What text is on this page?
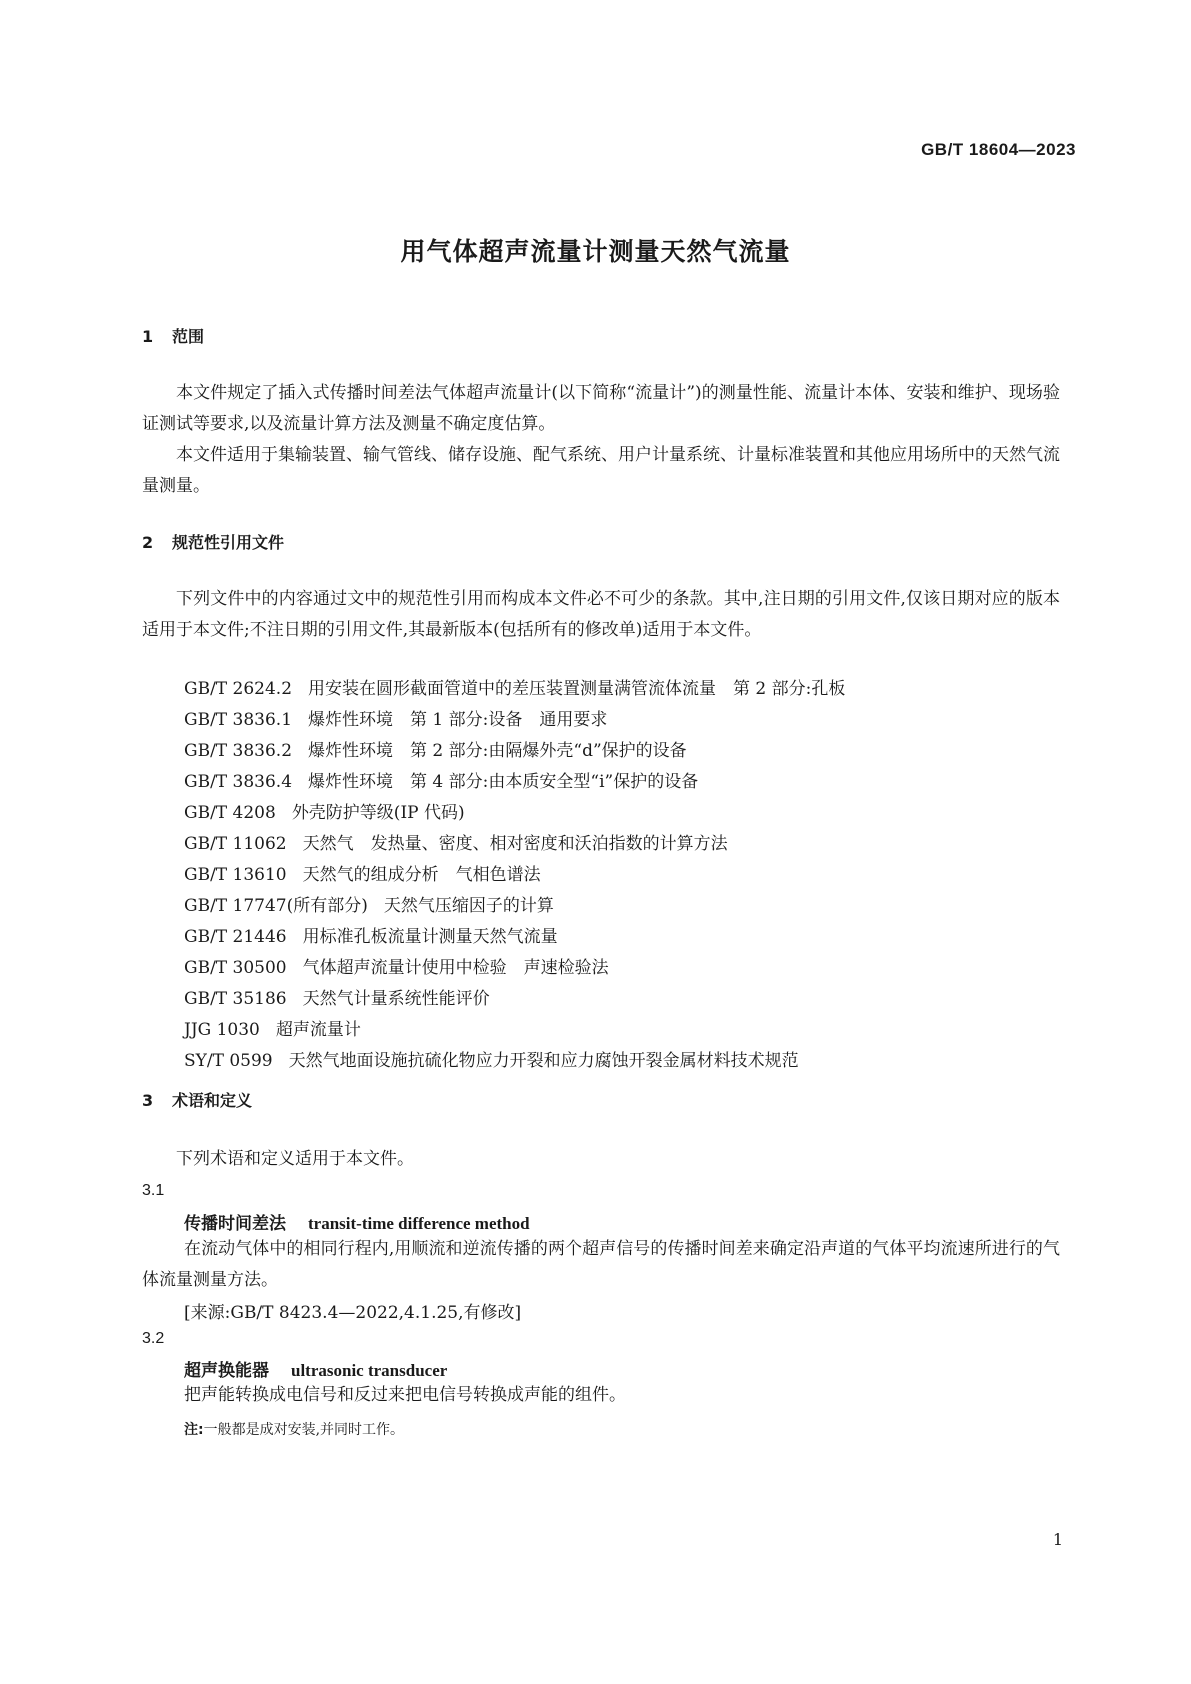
GB/T 18604—2023
用气体超声流量计测量天然气流量
1 范围

本文件规定了插入式传播时间差法气体超声流量计(以下简称“流量计”)的测量性能、流量计本体、安装和维护、现场验证测试等要求,以及流量计算方法及测量不确定度估算。

本文件适用于集输装置、输气管线、储存设施、配气系统、用户计量系统、计量标准装置和其他应用场所中的天然气流量测量。

2 规范性引用文件

下列文件中的内容通过文中的规范性引用而构成本文件必不可少的条款。其中,注日期的引用文件,仅该日期对应的版本适用于本文件;不注日期的引用文件,其最新版本(包括所有的修改单)适用于本文件。

GB/T 2624.2 用安装在圆形截面管道中的差压装置测量满管流体流量　第 2 部分:孔板
GB/T 3836.1 爆炸性环境　第 1 部分:设备　通用要求
GB/T 3836.2 爆炸性环境　第 2 部分:由隔爆外壳“d”保护的设备
GB/T 3836.4 爆炸性环境　第 4 部分:由本质安全型“i”保护的设备
GB/T 4208 外壳防护等级(IP 代码)
GB/T 11062 天然气　发热量、密度、相对密度和沃泊指数的计算方法
GB/T 13610 天然气的组成分析　气相色谱法
GB/T 17747(所有部分) 天然气压缩因子的计算
GB/T 21446 用标准孔板流量计测量天然气流量
GB/T 30500 气体超声流量计使用中检验　声速检验法
GB/T 35186 天然气计量系统性能评价
JJG 1030 超声流量计
SY/T 0599 天然气地面设施抗硫化物应力开裂和应力腐蚀开裂金属材料技术规范
3 术语和定义

下列术语和定义适用于本文件。

3.1
传播时间差法 transit-time difference method
在流动气体中的相同行程内,用顺流和逆流传播的两个超声信号的传播时间差来确定沿声道的气体平均流速所进行的气体流量测量方法。
[来源:GB/T 8423.4—2022,4.1.25,有修改]
3.2
超声换能器 ultrasonic transducer
把声能转换成电信号和反过来把电信号转换成声能的组件。
注:一般都是成对安装,并同时工作。
1
